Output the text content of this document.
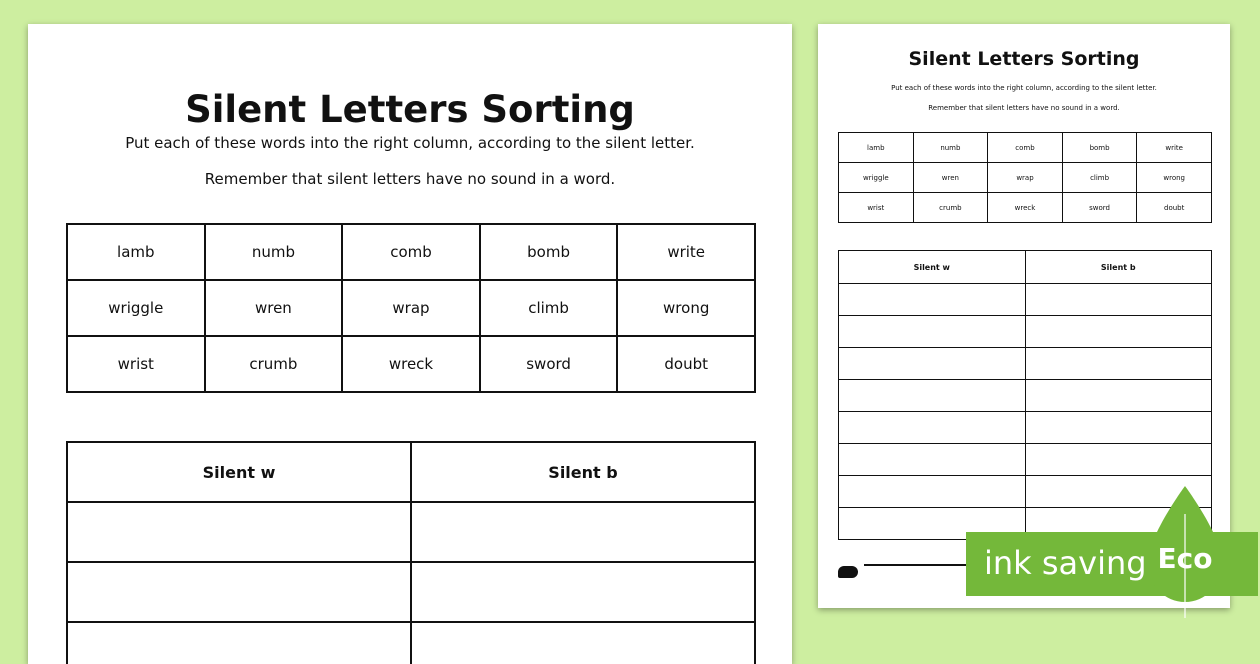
Silent Letters Sorting
Put each of these words into the right column, according to the silent letter.
Remember that silent letters have no sound in a word.
lamb	numb	comb	bomb	write
wriggle	wren	wrap	climb	wrong
wrist	crumb	wreck	sword	doubt
Silent w	Silent b

Silent Letters Sorting
Put each of these words into the right column, according to the silent letter.
Remember that silent letters have no sound in a word.
lamb	numb	comb	bomb	write
wriggle	wren	wrap	climb	wrong
wrist	crumb	wreck	sword	doubt
Silent w	Silent b

ink saving Eco
